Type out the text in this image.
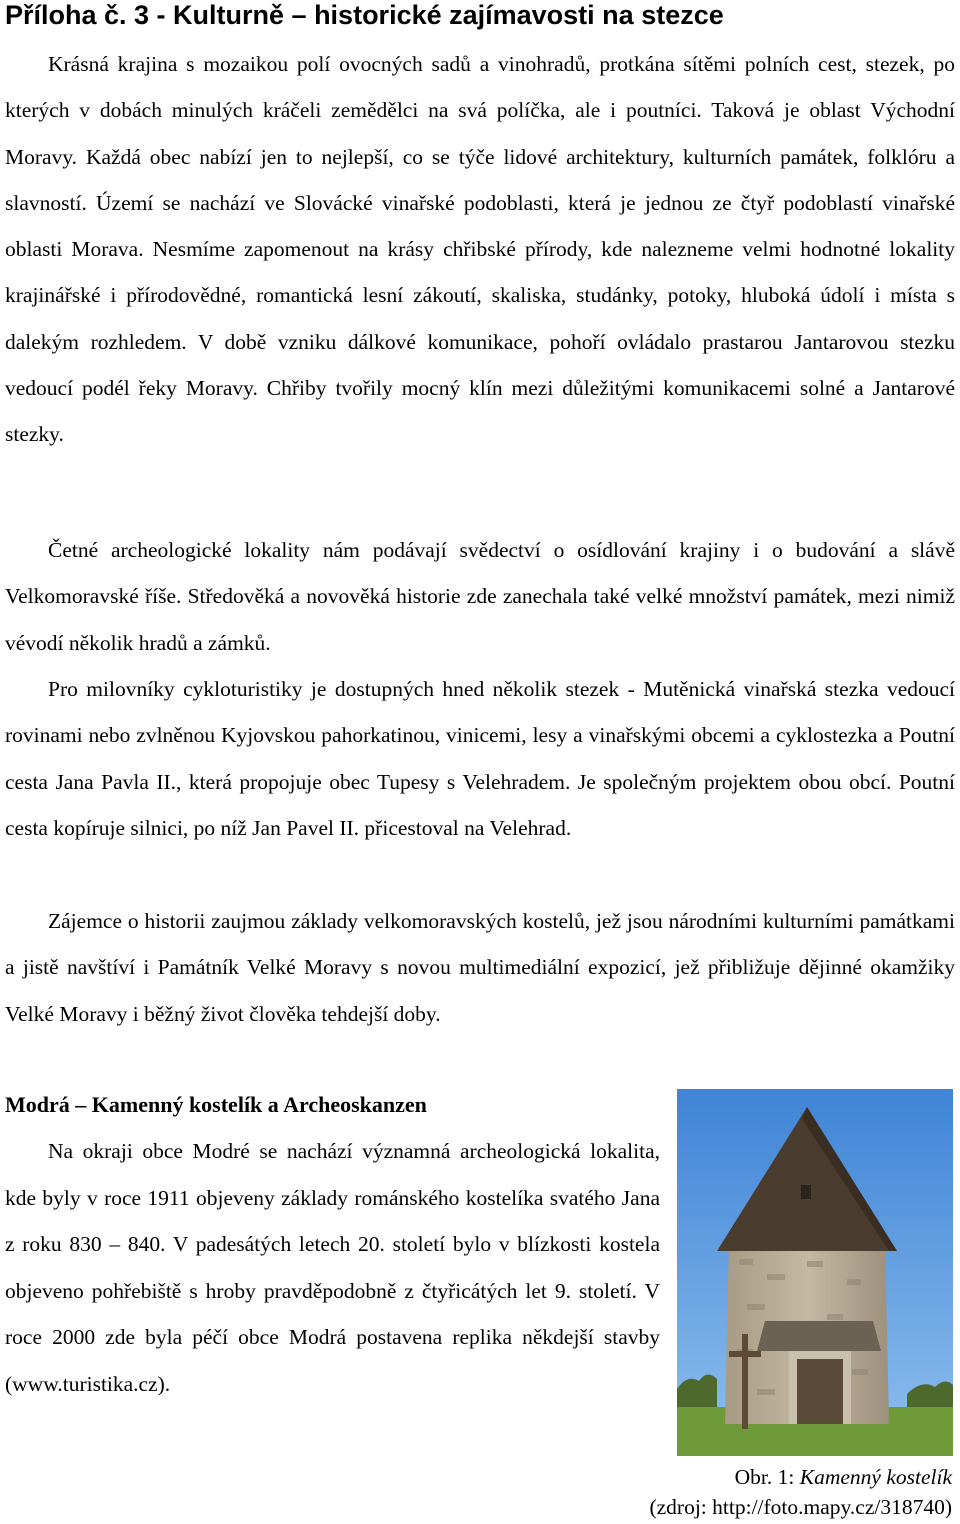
Příloha č. 3 - Kulturně – historické zajímavosti na stezce

Krásná krajina s mozaikou polí ovocných sadů a vinohradů, protkána sítěmi polních cest, stezek, po kterých v dobách minulých kráčeli zemědělci na svá políčka, ale i poutníci. Taková je oblast Východní Moravy. Každá obec nabízí jen to nejlepší, co se týče lidové architektury, kulturních památek, folklóru a slavností. Území se nachází ve Slovácké vinařské podoblasti, která je jednou ze čtyř podoblastí vinařské oblasti Morava. Nesmíme zapomenout na krásy chřibské přírody, kde nalezneme velmi hodnotné lokality krajinářské i přírodovědné, romantická lesní zákoutí, skaliska, studánky, potoky, hluboká údolí i místa s dalekým rozhledem. V době vzniku dálkové komunikace, pohoří ovládalo prastarou Jantarovou stezku vedoucí podél řeky Moravy. Chřiby tvořily mocný klín mezi důležitými komunikacemi solné a Jantarové stezky.

Četné archeologické lokality nám podávají svědectví o osídlování krajiny i o budování a slávě Velkomoravské říše. Středověká a novověká historie zde zanechala také velké množství památek, mezi nimiž vévodí několik hradů a zámků.

Pro milovníky cykloturistiky je dostupných hned několik stezek - Mutěnická vinařská stezka vedoucí rovinami nebo zvlněnou Kyjovskou pahorkatinou, vinicemi, lesy a vinařskými obcemi a cyklostezka a Poutní cesta Jana Pavla II., která propojuje obec Tupesy s Velehradem. Je společným projektem obou obcí. Poutní cesta kopíruje silnici, po níž Jan Pavel II. přicestoval na Velehrad.

Zájemce o historii zaujmou základy velkomoravských kostelů, jež jsou národními kulturními památkami a jistě navštíví i Památník Velké Moravy s novou multimediální expozicí, jež přibližuje dějinné okamžiky Velké Moravy i běžný život člověka tehdejší doby.

Modrá – Kamenný kostelík a Archeoskanzen

Na okraji obce Modré se nachází významná archeologická lokalita, kde byly v roce 1911 objeveny základy románského kostelíka svatého Jana z roku 830 – 840. V padesátých letech 20. století bylo v blízkosti kostela objeveno pohřebiště s hroby pravděpodobně z čtyřicátých let 9. století. V roce 2000 zde byla péčí obce Modrá postavena replika někdejší stavby (www.turistika.cz).

Obr. 1: Kamenný kostelík

(zdroj: http://foto.mapy.cz/318740)
